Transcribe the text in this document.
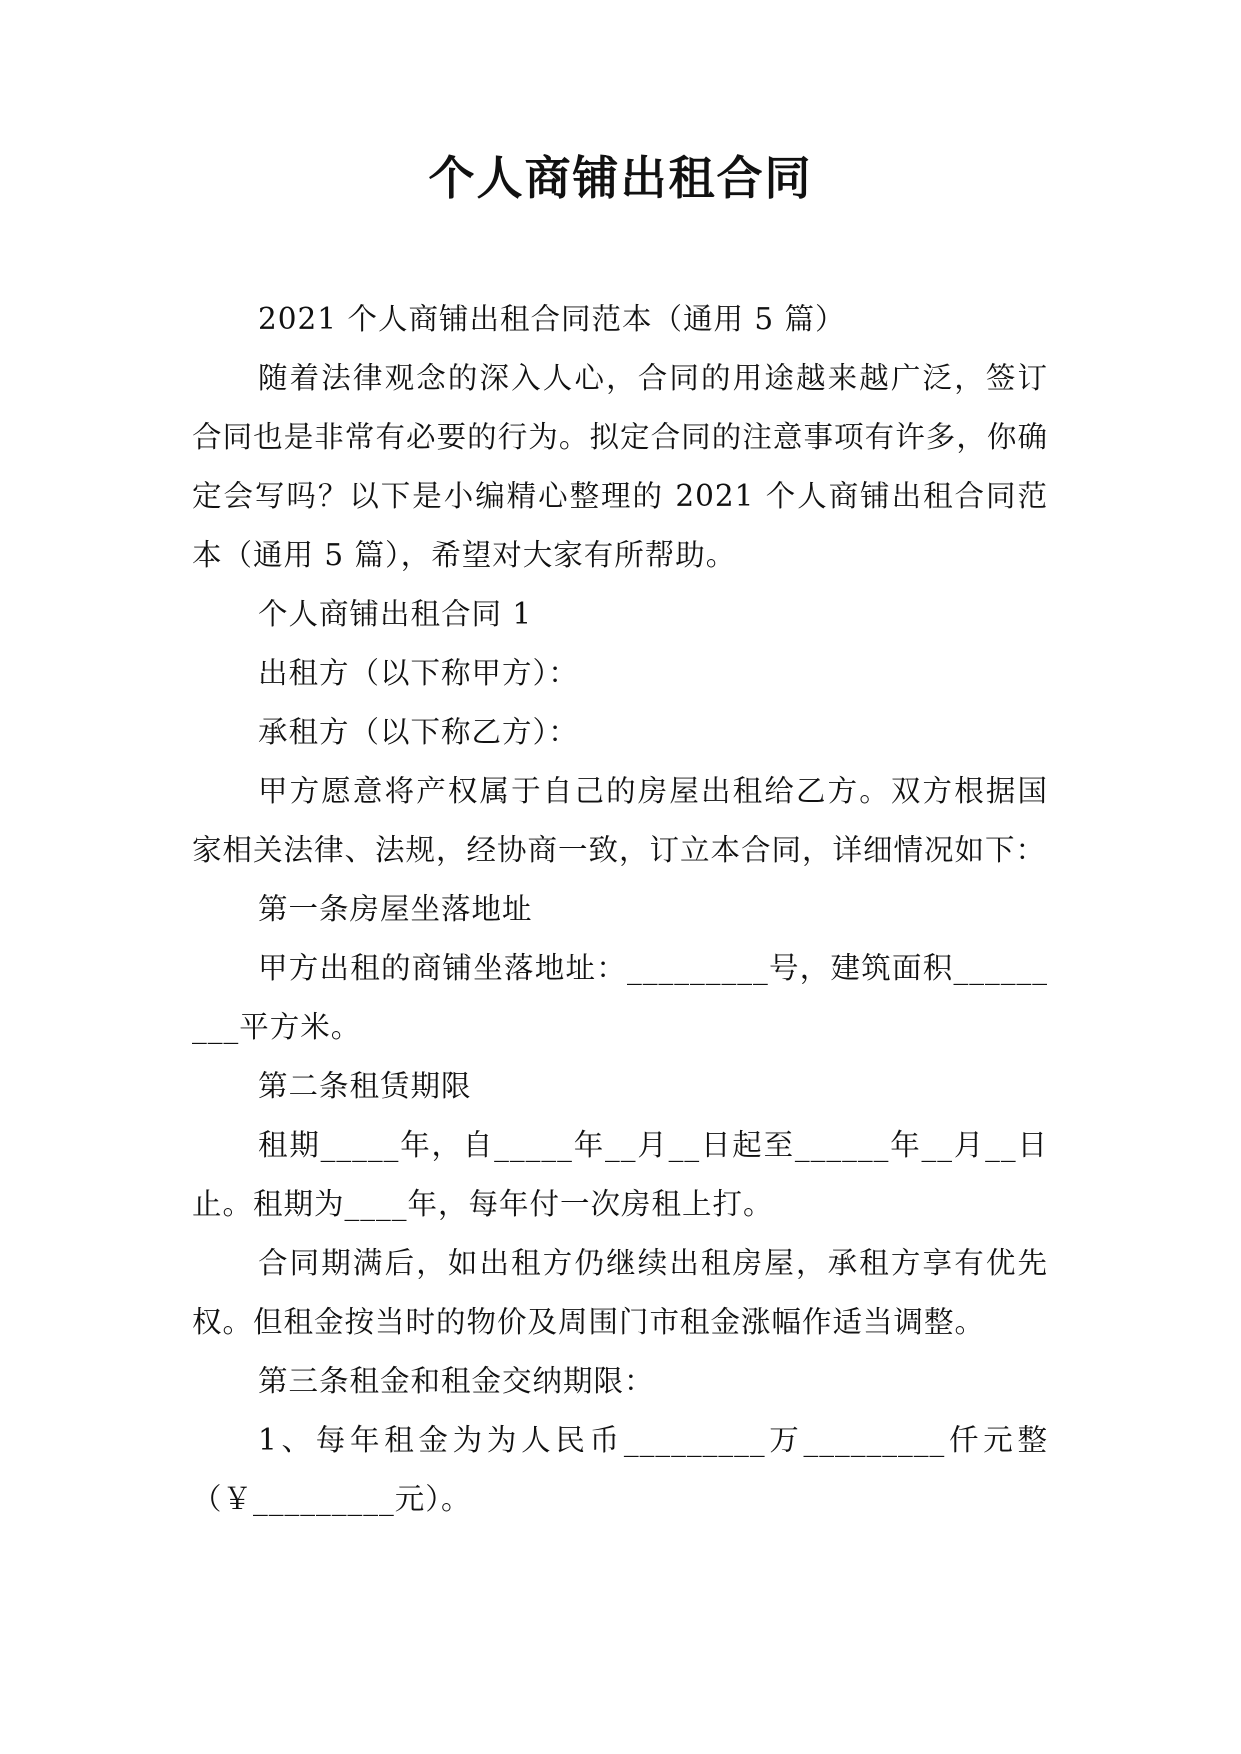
个人商铺出租合同

2021 个人商铺出租合同范本（通用 5 篇）

随着法律观念的深入人心，合同的用途越来越广泛，签订合同也是非常有必要的行为。拟定合同的注意事项有许多，你确定会写吗？以下是小编精心整理的 2021 个人商铺出租合同范本（通用 5 篇），希望对大家有所帮助。

个人商铺出租合同 1

出租方（以下称甲方）：

承租方（以下称乙方）：

甲方愿意将产权属于自己的房屋出租给乙方。双方根据国家相关法律、法规，经协商一致，订立本合同，详细情况如下：

第一条房屋坐落地址

甲方出租的商铺坐落地址：_________号，建筑面积_________平方米。

第二条租赁期限

租期_____年，自_____年__月__日起至______年__月__日止。租期为____年，每年付一次房租上打。

合同期满后，如出租方仍继续出租房屋，承租方享有优先权。但租金按当时的物价及周围门市租金涨幅作适当调整。

第三条租金和租金交纳期限：

1、每年租金为为人民币_________万_________仟元整（￥_________元）。
